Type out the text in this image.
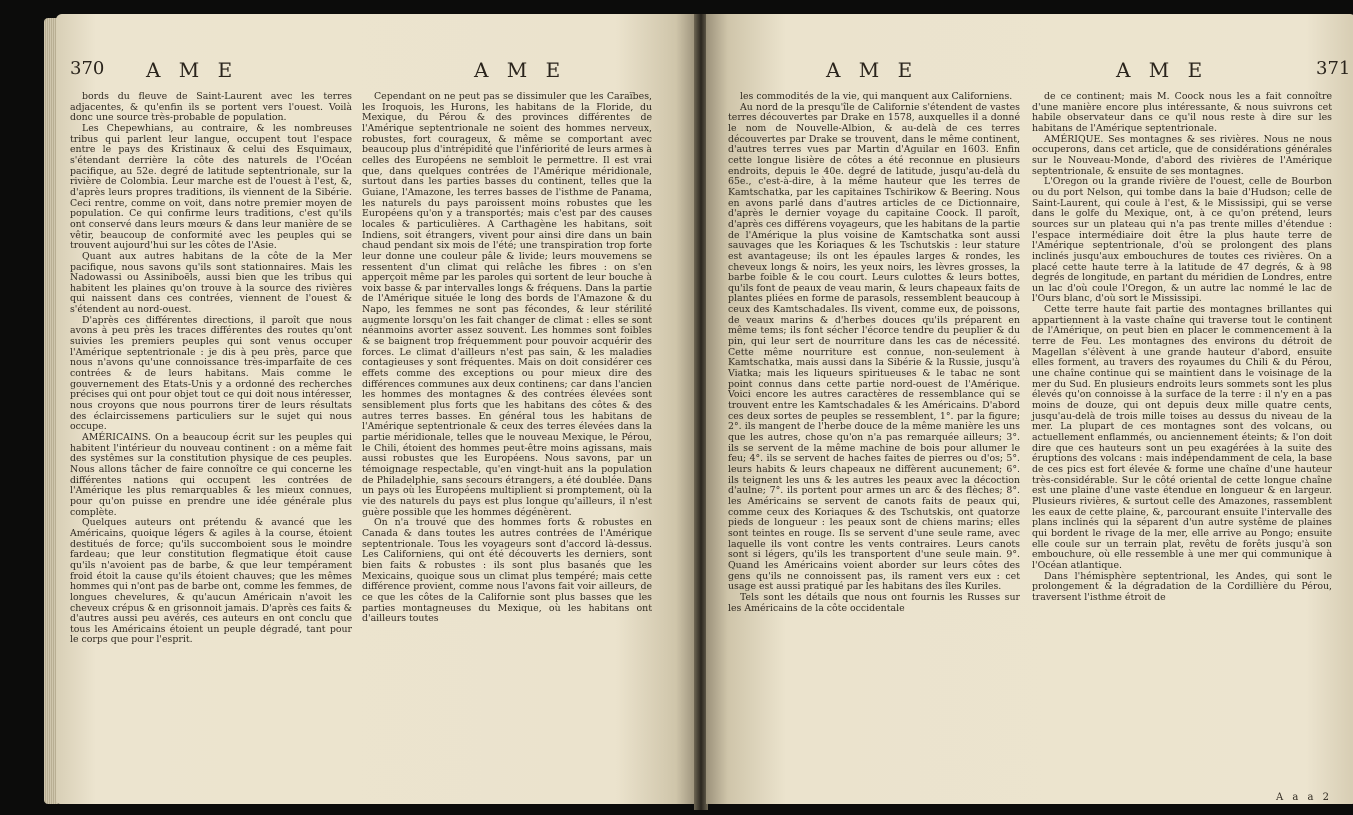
370 A M E	A M E

bords du fleuve de Saint-Laurent avec les terres adjacentes, & qu'enfin ils se portent vers l'ouest. Voilà donc une source très-probable de population.

Les Chepewhians, au contraire, & les nombreuses tribus qui parlent leur langue, occupent tout l'espace entre le pays des Kristinaux & celui des Esquimaux, s'étendant derrière la côte des naturels de l'Océan pacifique, au 52e. degré de latitude septentrionale, sur la rivière de Colombia. Leur marche est de l'ouest à l'est, &, d'après leurs propres traditions, ils viennent de la Sibérie. Ceci rentre, comme on voit, dans notre premier moyen de population. Ce qui confirme leurs traditions, c'est qu'ils ont conservé dans leurs mœurs & dans leur manière de se vêtir, beaucoup de conformité avec les peuples qui se trouvent aujourd'hui sur les côtes de l'Asie.

Quant aux autres habitans de la côte de la Mer pacifique, nous savons qu'ils sont stationnaires. Mais les Nadowassi ou Assiniboëls, aussi bien que les tribus qui habitent les plaines qu'on trouve à la source des rivières qui naissent dans ces contrées, viennent de l'ouest & s'étendent au nord-ouest.

D'après ces différentes directions, il paroît que nous avons à peu près les traces différentes des routes qu'ont suivies les premiers peuples qui sont venus occuper l'Amérique septentrionale : je dis à peu près, parce que nous n'avons qu'une connoissance très-imparfaite de ces contrées & de leurs habitans. Mais comme le gouvernement des Etats-Unis y a ordonné des recherches précises qui ont pour objet tout ce qui doit nous intéresser, nous croyons que nous pourrons tirer de leurs résultats des éclaircissemens particuliers sur le sujet qui nous occupe.

AMÉRICAINS. On a beaucoup écrit sur les peuples qui habitent l'intérieur du nouveau continent : on a même fait des systêmes sur la constitution physique de ces peuples. Nous allons tâcher de faire connoître ce qui concerne les différentes nations qui occupent les contrées de l'Amérique les plus remarquables & les mieux connues, pour qu'on puisse en prendre une idée générale plus complète.

Quelques auteurs ont prétendu & avancé que les Américains, quoique légers & agiles à la course, étoient destitués de force; qu'ils succomboient sous le moindre fardeau; que leur constitution flegmatique étoit cause qu'ils n'avoient pas de barbe, & que leur tempérament froid étoit la cause qu'ils étoient chauves; que les mêmes hommes qui n'ont pas de barbe ont, comme les femmes, de longues chevelures, & qu'aucun Américain n'avoit les cheveux crépus & en grisonnoit jamais. D'après ces faits & d'autres aussi peu avérés, ces auteurs en ont conclu que tous les Américains étoient un peuple dégradé, tant pour le corps que pour l'esprit.

Cependant on ne peut pas se dissimuler que les Caraïbes, les Iroquois, les Hurons, les habitans de la Floride, du Mexique, du Pérou & des provinces différentes de l'Amérique septentrionale ne soient des hommes nerveux, robustes, fort courageux, & même se comportant avec beaucoup plus d'intrépidité que l'infériorité de leurs armes à celles des Européens ne sembloit le permettre. Il est vrai que, dans quelques contrées de l'Amérique méridionale, surtout dans les parties basses du continent, telles que la Guiane, l'Amazone, les terres basses de l'isthme de Panama, les naturels du pays paroissent moins robustes que les Européens qu'on y a transportés; mais c'est par des causes locales & particulières. A Carthagène les habitans, soit Indiens, soit étrangers, vivent pour ainsi dire dans un bain chaud pendant six mois de l'été; une transpiration trop forte leur donne une couleur pâle & livide; leurs mouvemens se ressentent d'un climat qui relâche les fibres : on s'en apperçoit même par les paroles qui sortent de leur bouche à voix basse & par intervalles longs & fréquens. Dans la partie de l'Amérique située le long des bords de l'Amazone & du Napo, les femmes ne sont pas fécondes, & leur stérilité augmente lorsqu'on les fait changer de climat : elles se sont néanmoins avorter assez souvent. Les hommes sont foibles & se baignent trop fréquemment pour pouvoir acquérir des forces. Le climat d'ailleurs n'est pas sain, & les maladies contagieuses y sont fréquentes. Mais on doit considérer ces effets comme des exceptions ou pour mieux dire des différences communes aux deux continens; car dans l'ancien les hommes des montagnes & des contrées élevées sont sensiblement plus forts que les habitans des côtes & des autres terres basses. En général tous les habitans de l'Amérique septentrionale & ceux des terres élevées dans la partie méridionale, telles que le nouveau Mexique, le Pérou, le Chili, étoient des hommes peut-être moins agissans, mais aussi robustes que les Européens. Nous savons, par un témoignage respectable, qu'en vingt-huit ans la population de Philadelphie, sans secours étrangers, a été doublée. Dans un pays où les Européens multiplient si promptement, où la vie des naturels du pays est plus longue qu'ailleurs, il n'est guère possible que les hommes dégénèrent.

On n'a trouvé que des hommes forts & robustes en Canada & dans toutes les autres contrées de l'Amérique septentrionale. Tous les voyageurs sont d'accord là-dessus. Les Californiens, qui ont été découverts les derniers, sont bien faits & robustes : ils sont plus basanés que les Mexicains, quoique sous un climat plus tempéré; mais cette différence provient, comme nous l'avons fait voir ailleurs, de ce que les côtes de la Californie sont plus basses que les parties montagneuses du Mexique, où les habitans ont d'ailleurs toutes

A M E	A M E	371

les commodités de la vie, qui manquent aux Californiens.

Au nord de la presqu'île de Californie s'étendent de vastes terres découvertes par Drake en 1578, auxquelles il a donné le nom de Nouvelle-Albion, & au-delà de ces terres découvertes par Drake se trouvent, dans le même continent, d'autres terres vues par Martin d'Aguilar en 1603. Enfin cette longue lisière de côtes a été reconnue en plusieurs endroits, depuis le 40e. degré de latitude, jusqu'au-delà du 65e., c'est-à-dire, à la même hauteur que les terres de Kamtschatka, par les capitaines Tschirikow & Beering. Nous en avons parlé dans d'autres articles de ce Dictionnaire, d'après le dernier voyage du capitaine Coock. Il paroît, d'après ces différens voyageurs, que les habitans de la partie de l'Amérique la plus voisine de Kamtschatka sont aussi sauvages que les Koriaques & les Tschutskis : leur stature est avantageuse; ils ont les épaules larges & rondes, les cheveux longs & noirs, les yeux noirs, les lèvres grosses, la barbe foible & le cou court. Leurs culottes & leurs bottes, qu'ils font de peaux de veau marin, & leurs chapeaux faits de plantes pliées en forme de parasols, ressemblent beaucoup à ceux des Kamtschadales. Ils vivent, comme eux, de poissons, de veaux marins & d'herbes douces qu'ils préparent en même tems; ils font sécher l'écorce tendre du peuplier & du pin, qui leur sert de nourriture dans les cas de nécessité. Cette même nourriture est connue, non-seulement à Kamtschatka, mais aussi dans la Sibérie & la Russie, jusqu'à Viatka; mais les liqueurs spiritueuses & le tabac ne sont point connus dans cette partie nord-ouest de l'Amérique. Voici encore les autres caractères de ressemblance qui se trouvent entre les Kamtschadales & les Américains. D'abord ces deux sortes de peuples se ressemblent, 1°. par la figure; 2°. ils mangent de l'herbe douce de la même manière les uns que les autres, chose qu'on n'a pas remarquée ailleurs; 3°. ils se servent de la même machine de bois pour allumer le feu; 4°. ils se servent de haches faites de pierres ou d'os; 5°. leurs habits & leurs chapeaux ne diffèrent aucunement; 6°. ils teignent les uns & les autres les peaux avec la décoction d'aulne; 7°. ils portent pour armes un arc & des flèches; 8°. les Américains se servent de canots faits de peaux qui, comme ceux des Koriaques & des Tschutskis, ont quatorze pieds de longueur : les peaux sont de chiens marins; elles sont teintes en rouge. Ils se servent d'une seule rame, avec laquelle ils vont contre les vents contraires. Leurs canots sont si légers, qu'ils les transportent d'une seule main. 9°. Quand les Américains voient aborder sur leurs côtes des gens qu'ils ne connoissent pas, ils rament vers eux : cet usage est aussi pratiqué par les habitans des îles Kuriles.

Tels sont les détails que nous ont fournis les Russes sur les Américains de la côte occidentale

de ce continent; mais M. Coock nous les a fait connoître d'une manière encore plus intéressante, & nous suivrons cet habile observateur dans ce qu'il nous reste à dire sur les habitans de l'Amérique septentrionale.

AMÉRIQUE. Ses montagnes & ses rivières. Nous ne nous occuperons, dans cet article, que de considérations générales sur le Nouveau-Monde, d'abord des rivières de l'Amérique septentrionale, & ensuite de ses montagnes.

L'Oregon ou la grande rivière de l'ouest, celle de Bourbon ou du port Nelson, qui tombe dans la baie d'Hudson; celle de Saint-Laurent, qui coule à l'est, & le Mississipi, qui se verse dans le golfe du Mexique, ont, à ce qu'on prétend, leurs sources sur un plateau qui n'a pas trente milles d'étendue : l'espace intermédiaire doit être la plus haute terre de l'Amérique septentrionale, d'où se prolongent des plans inclinés jusqu'aux embouchures de toutes ces rivières. On a placé cette haute terre à la latitude de 47 degrés, & à 98 degrés de longitude, en partant du méridien de Londres, entre un lac d'où coule l'Oregon, & un autre lac nommé le lac de l'Ours blanc, d'où sort le Mississipi.

Cette terre haute fait partie des montagnes brillantes qui appartiennent à la vaste chaîne qui traverse tout le continent de l'Amérique, on peut bien en placer le commencement à la terre de Feu. Les montagnes des environs du détroit de Magellan s'élèvent à une grande hauteur d'abord, ensuite elles forment, au travers des royaumes du Chili & du Pérou, une chaîne continue qui se maintient dans le voisinage de la mer du Sud. En plusieurs endroits leurs sommets sont les plus élevés qu'on connoisse à la surface de la terre : il n'y en a pas moins de douze, qui ont depuis deux mille quatre cents, jusqu'au-delà de trois mille toises au dessus du niveau de la mer. La plupart de ces montagnes sont des volcans, ou actuellement enflammés, ou anciennement éteints; & l'on doit dire que ces hauteurs sont un peu exagérées à la suite des éruptions des volcans : mais indépendamment de cela, la base de ces pics est fort élevée & forme une chaîne d'une hauteur très-considérable. Sur le côté oriental de cette longue chaîne est une plaine d'une vaste étendue en longueur & en largeur. Plusieurs rivières, & surtout celle des Amazones, rassemblent les eaux de cette plaine, &, parcourant ensuite l'intervalle des plans inclinés qui la séparent d'un autre systême de plaines qui bordent le rivage de la mer, elle arrive au Pongo; ensuite elle coule sur un terrain plat, revêtu de forêts jusqu'à son embouchure, où elle ressemble à une mer qui communique à l'Océan atlantique.

Dans l'hémisphère septentrional, les Andes, qui sont le prolongement & la dégradation de la Cordillière du Pérou, traversent l'isthme étroit de

A a a 2
